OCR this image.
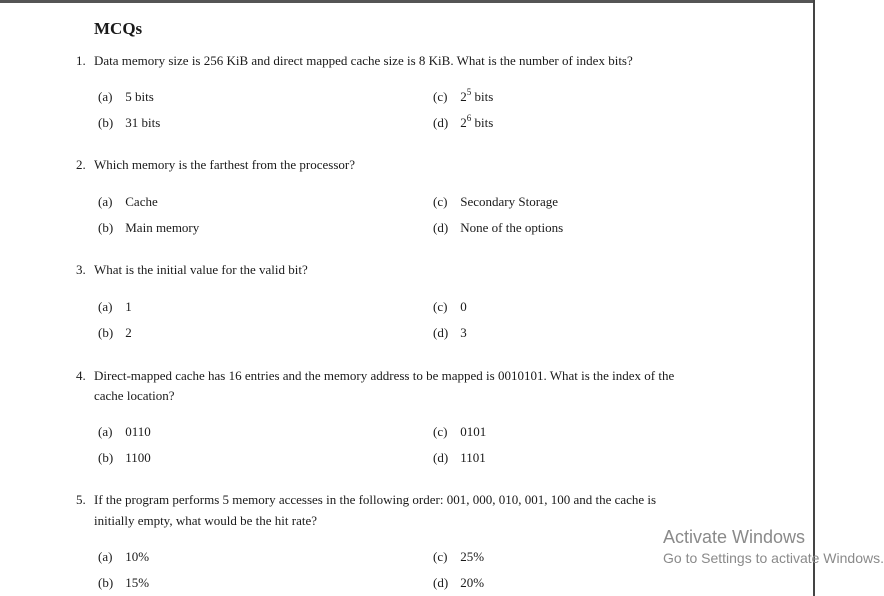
MCQs
1. Data memory size is 256 KiB and direct mapped cache size is 8 KiB. What is the number of index bits?
(a) 5 bits
(b) 31 bits
(c) $2^5$ bits
(d) $2^6$ bits
2. Which memory is the farthest from the processor?
(a) Cache
(b) Main memory
(c) Secondary Storage
(d) None of the options
3. What is the initial value for the valid bit?
(a) 1
(b) 2
(c) 0
(d) 3
4. Direct-mapped cache has 16 entries and the memory address to be mapped is 0010101. What is the index of the
cache location?
(a) 0110
(b) 1100
(c) 0101
(d) 1101
5. If the program performs 5 memory accesses in the following order: 001, 000, 010, 001, 100 and the cache is
initially empty, what would be the hit rate?
(a) 10%
(b) 15%
(c) 25%
(d) 20%
Activate Windows
Go to Settings to activate Windows.
